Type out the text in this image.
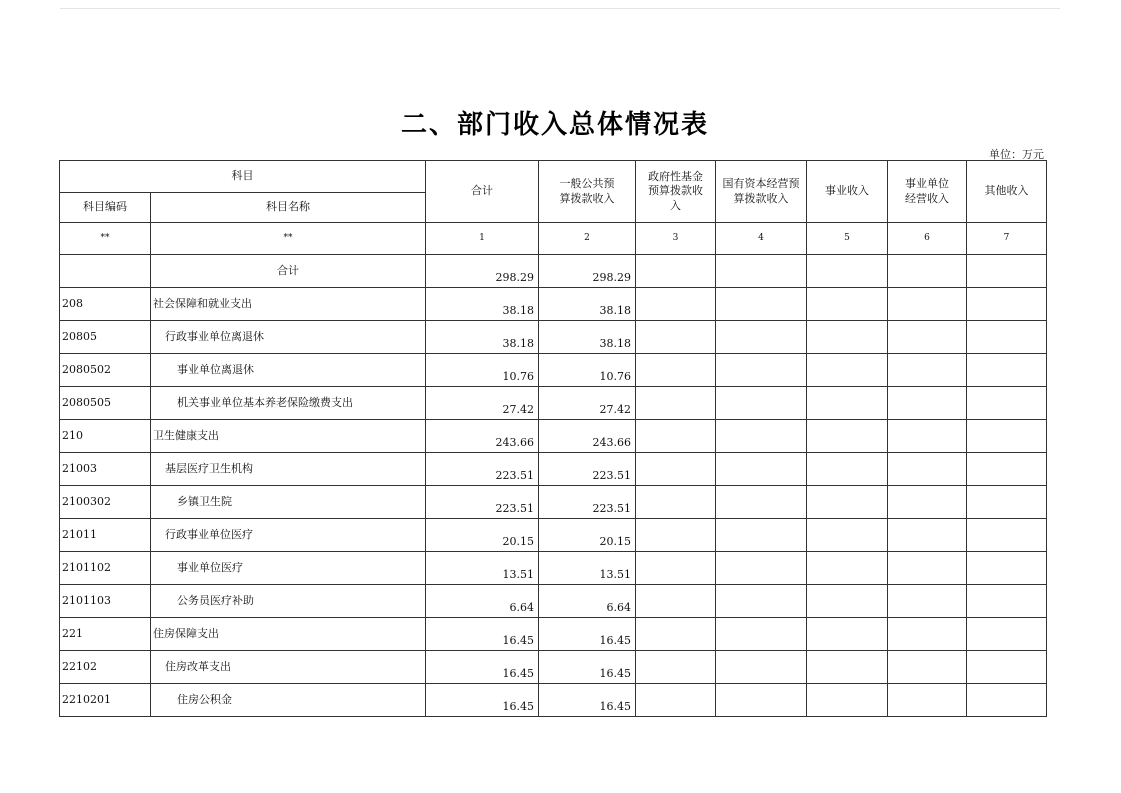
二、部门收入总体情况表
单位：万元
科目		合计	一般公共预算拨款收入	政府性基金预算拨款收入	国有资本经营预算拨款收入	事业收入	事业单位经营收入	其他收入
科目编码	科目名称							
**	**	1	2	3	4	5	6	7
	合计	298.29	298.29					
208	社会保障和就业支出	38.18	38.18					
20805	行政事业单位离退休	38.18	38.18					
2080502	事业单位离退休	10.76	10.76					
2080505	机关事业单位基本养老保险缴费支出	27.42	27.42					
210	卫生健康支出	243.66	243.66					
21003	基层医疗卫生机构	223.51	223.51					
2100302	乡镇卫生院	223.51	223.51					
21011	行政事业单位医疗	20.15	20.15					
2101102	事业单位医疗	13.51	13.51					
2101103	公务员医疗补助	6.64	6.64					
221	住房保障支出	16.45	16.45					
22102	住房改革支出	16.45	16.45					
2210201	住房公积金	16.45	16.45					
